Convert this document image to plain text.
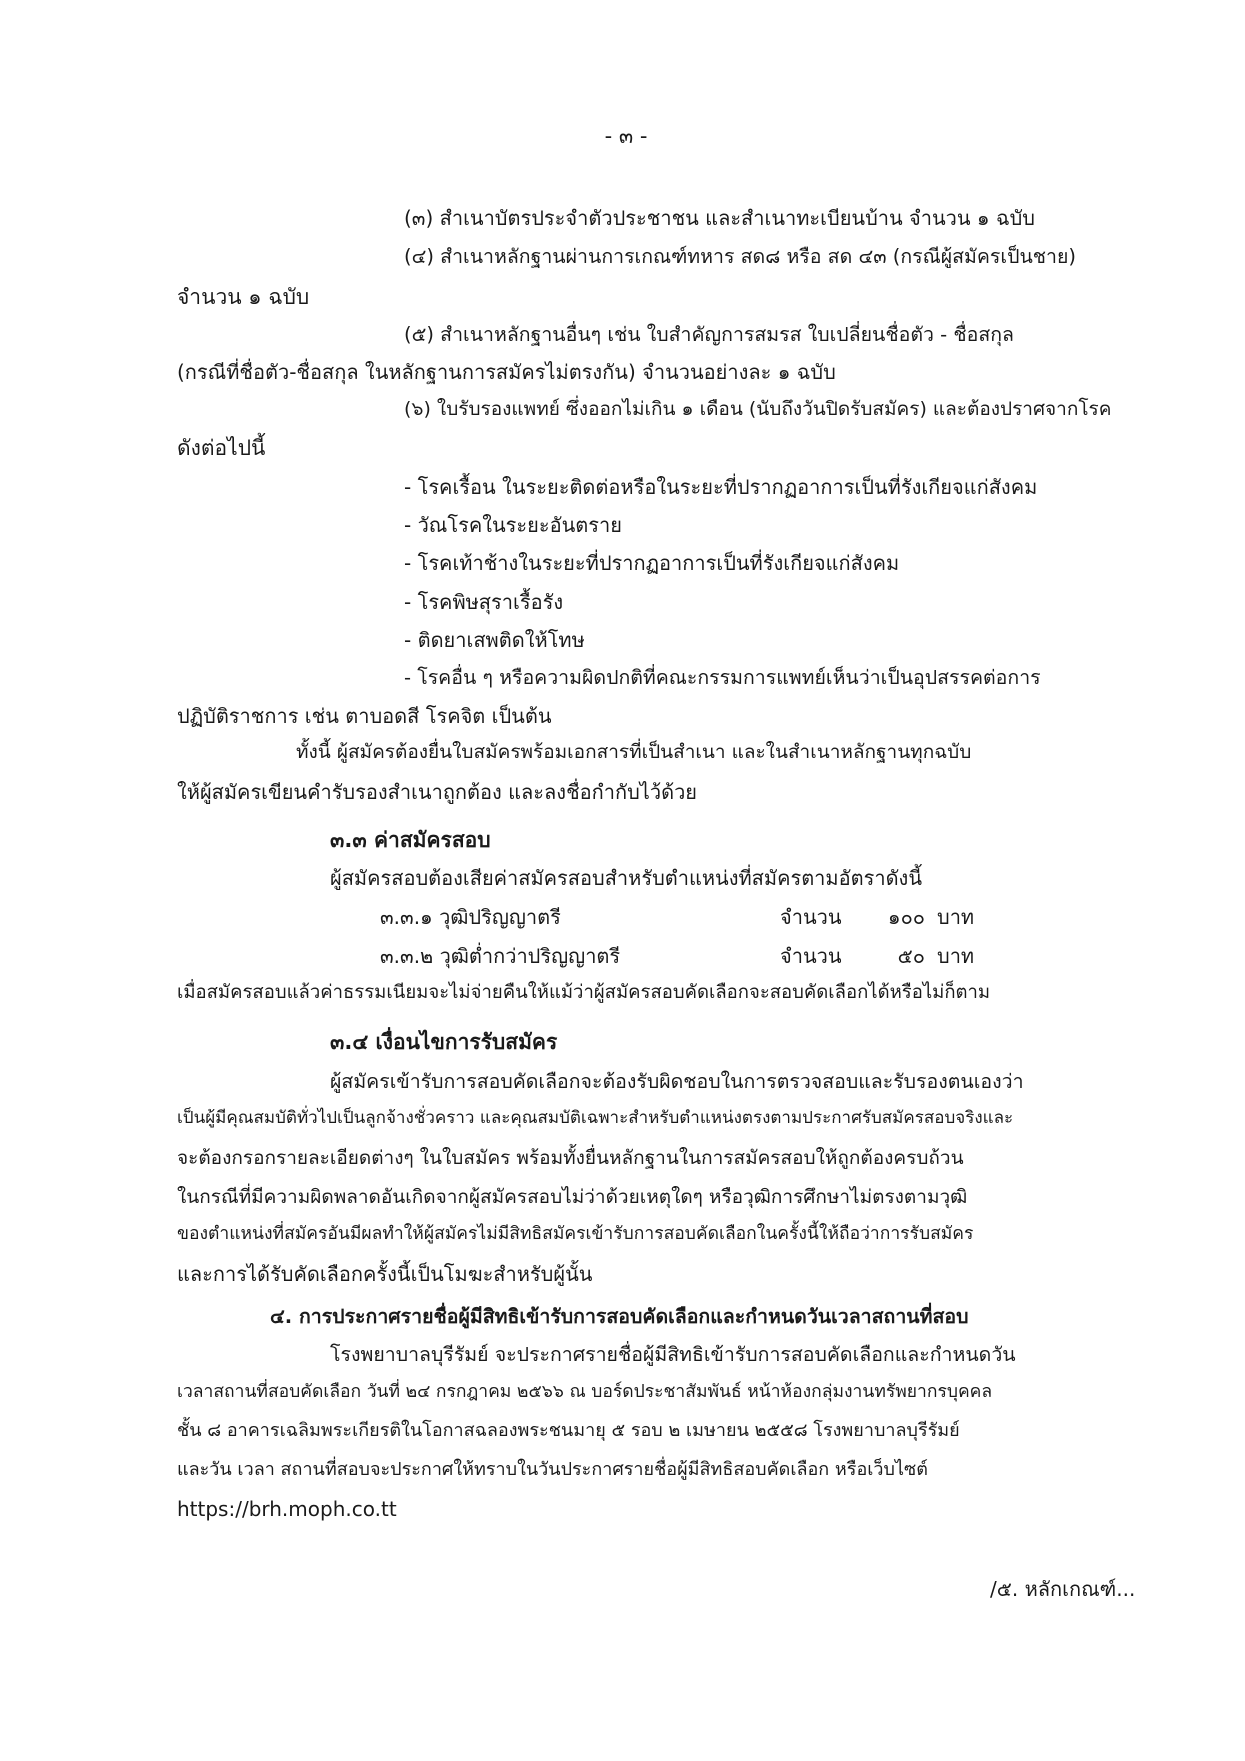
- ๓ -
(๓) สำเนาบัตรประจำตัวประชาชน และสำเนาทะเบียนบ้าน จำนวน ๑ ฉบับ
(๔) สำเนาหลักฐานผ่านการเกณฑ์ทหาร สด๘ หรือ สด ๔๓ (กรณีผู้สมัครเป็นชาย)
จำนวน ๑ ฉบับ
(๕) สำเนาหลักฐานอื่นๆ เช่น ใบสำคัญการสมรส ใบเปลี่ยนชื่อตัว - ชื่อสกุล
(กรณีที่ชื่อตัว-ชื่อสกุล ในหลักฐานการสมัครไม่ตรงกัน) จำนวนอย่างละ ๑ ฉบับ
(๖) ใบรับรองแพทย์ ซึ่งออกไม่เกิน ๑ เดือน (นับถึงวันปิดรับสมัคร) และต้องปราศจากโรค
ดังต่อไปนี้
- โรคเรื้อน ในระยะติดต่อหรือในระยะที่ปรากฏอาการเป็นที่รังเกียจแก่สังคม
- วัณโรคในระยะอันตราย
- โรคเท้าช้างในระยะที่ปรากฏอาการเป็นที่รังเกียจแก่สังคม
- โรคพิษสุราเรื้อรัง
- ติดยาเสพติดให้โทษ
- โรคอื่น ๆ หรือความผิดปกติที่คณะกรรมการแพทย์เห็นว่าเป็นอุปสรรคต่อการ
ปฏิบัติราชการ เช่น ตาบอดสี โรคจิต เป็นต้น
ทั้งนี้ ผู้สมัครต้องยื่นใบสมัครพร้อมเอกสารที่เป็นสำเนา และในสำเนาหลักฐานทุกฉบับ
ให้ผู้สมัครเขียนคำรับรองสำเนาถูกต้อง และลงชื่อกำกับไว้ด้วย
๓.๓ ค่าสมัครสอบ
ผู้สมัครสอบต้องเสียค่าสมัครสอบสำหรับตำแหน่งที่สมัครตามอัตราดังนี้
๓.๓.๑ วุฒิปริญญาตรี	จำนวน	๑๐๐ บาท
๓.๓.๒ วุฒิต่ำกว่าปริญญาตรี	จำนวน	๕๐ บาท
เมื่อสมัครสอบแล้วค่าธรรมเนียมจะไม่จ่ายคืนให้แม้ว่าผู้สมัครสอบคัดเลือกจะสอบคัดเลือกได้หรือไม่ก็ตาม
๓.๔ เงื่อนไขการรับสมัคร
ผู้สมัครเข้ารับการสอบคัดเลือกจะต้องรับผิดชอบในการตรวจสอบและรับรองตนเองว่า
เป็นผู้มีคุณสมบัติทั่วไปเป็นลูกจ้างชั่วคราว และคุณสมบัติเฉพาะสำหรับตำแหน่งตรงตามประกาศรับสมัครสอบจริงและ
จะต้องกรอกรายละเอียดต่างๆ ในใบสมัคร พร้อมทั้งยื่นหลักฐานในการสมัครสอบให้ถูกต้องครบถ้วน
ในกรณีที่มีความผิดพลาดอันเกิดจากผู้สมัครสอบไม่ว่าด้วยเหตุใดๆ หรือวุฒิการศึกษาไม่ตรงตามวุฒิ
ของตำแหน่งที่สมัครอันมีผลทำให้ผู้สมัครไม่มีสิทธิสมัครเข้ารับการสอบคัดเลือกในครั้งนี้ให้ถือว่าการรับสมัคร
และการได้รับคัดเลือกครั้งนี้เป็นโมฆะสำหรับผู้นั้น
๔. การประกาศรายชื่อผู้มีสิทธิเข้ารับการสอบคัดเลือกและกำหนดวันเวลาสถานที่สอบ
โรงพยาบาลบุรีรัมย์ จะประกาศรายชื่อผู้มีสิทธิเข้ารับการสอบคัดเลือกและกำหนดวัน
เวลาสถานที่สอบคัดเลือก วันที่ ๒๔ กรกฎาคม ๒๕๖๖ ณ บอร์ดประชาสัมพันธ์ หน้าห้องกลุ่มงานทรัพยากรบุคคล
ชั้น ๘ อาคารเฉลิมพระเกียรติในโอกาสฉลองพระชนมายุ ๕ รอบ ๒ เมษายน ๒๕๕๘ โรงพยาบาลบุรีรัมย์
และวัน เวลา สถานที่สอบจะประกาศให้ทราบในวันประกาศรายชื่อผู้มีสิทธิสอบคัดเลือก หรือเว็บไซต์
https://brh.moph.co.tt
/๕. หลักเกณฑ์...
